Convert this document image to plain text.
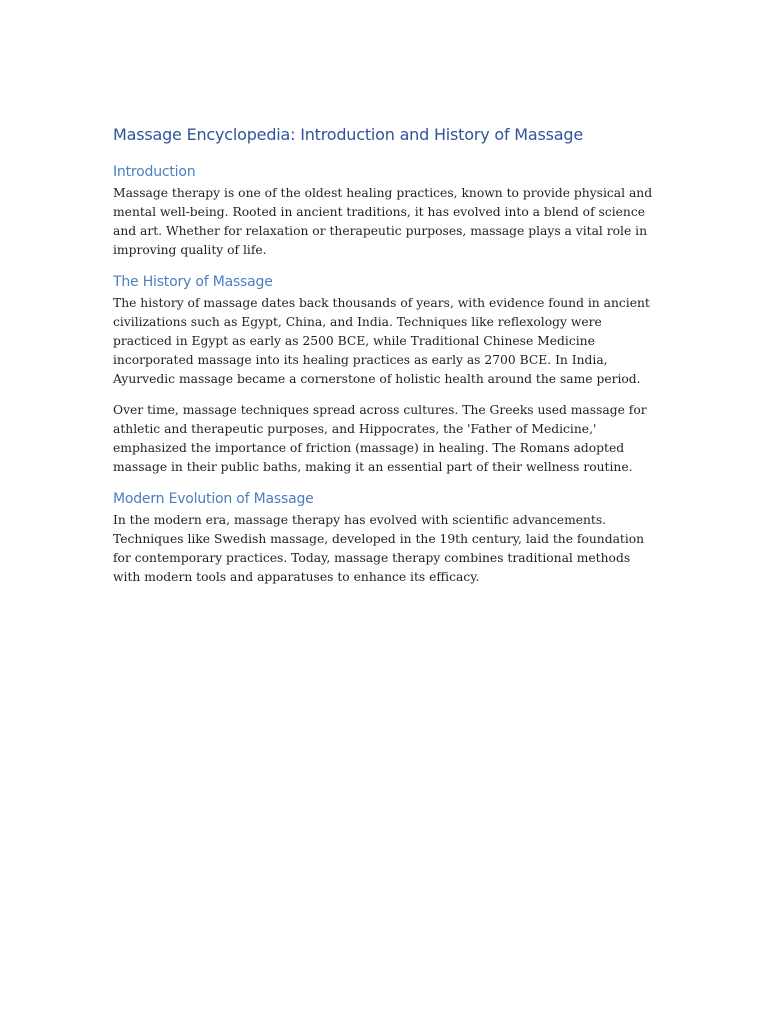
Massage Encyclopedia: Introduction and History of Massage
Introduction

Massage therapy is one of the oldest healing practices, known to provide physical and mental well-being. Rooted in ancient traditions, it has evolved into a blend of science and art. Whether for relaxation or therapeutic purposes, massage plays a vital role in improving quality of life.

The History of Massage

The history of massage dates back thousands of years, with evidence found in ancient civilizations such as Egypt, China, and India. Techniques like reflexology were practiced in Egypt as early as 2500 BCE, while Traditional Chinese Medicine incorporated massage into its healing practices as early as 2700 BCE. In India, Ayurvedic massage became a cornerstone of holistic health around the same period.

Over time, massage techniques spread across cultures. The Greeks used massage for athletic and therapeutic purposes, and Hippocrates, the 'Father of Medicine,' emphasized the importance of friction (massage) in healing. The Romans adopted massage in their public baths, making it an essential part of their wellness routine.

Modern Evolution of Massage

In the modern era, massage therapy has evolved with scientific advancements. Techniques like Swedish massage, developed in the 19th century, laid the foundation for contemporary practices. Today, massage therapy combines traditional methods with modern tools and apparatuses to enhance its efficacy.
